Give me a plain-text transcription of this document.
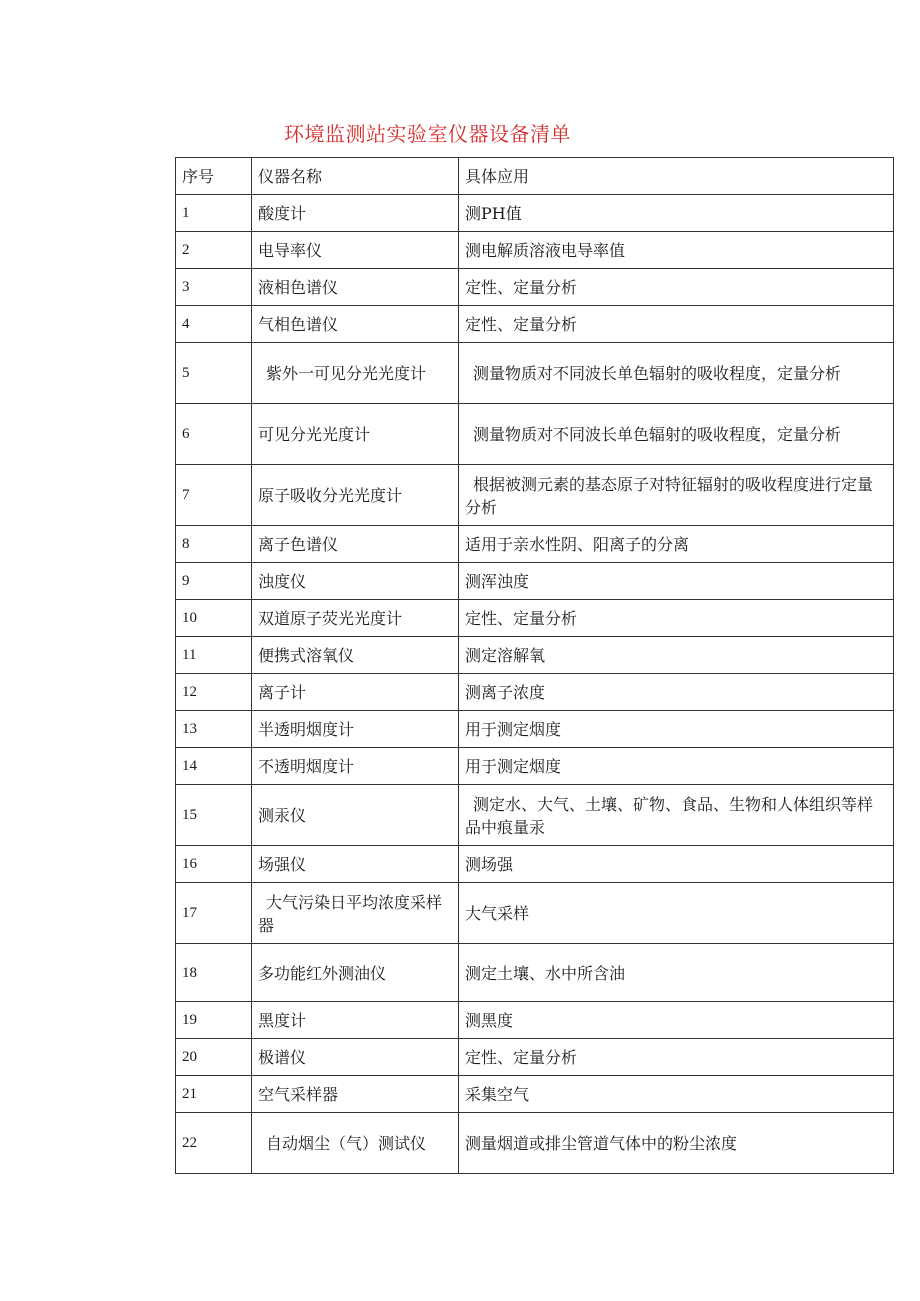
环境监测站实验室仪器设备清单
序号	仪器名称	具体应用
1	酸度计	测PH值
2	电导率仪	测电解质溶液电导率值
3	液相色谱仪	定性、定量分析
4	气相色谱仪	定性、定量分析
5	紫外一可见分光光度计	测量物质对不同波长单色辐射的吸收程度，定量分析
6	可见分光光度计	测量物质对不同波长单色辐射的吸收程度，定量分析
7	原子吸收分光光度计	根据被测元素的基态原子对特征辐射的吸收程度进行定量分析
8	离子色谱仪	适用于亲水性阴、阳离子的分离
9	浊度仪	测浑浊度
10	双道原子荧光光度计	定性、定量分析
11	便携式溶氧仪	测定溶解氧
12	离子计	测离子浓度
13	半透明烟度计	用于测定烟度
14	不透明烟度计	用于测定烟度
15	测汞仪	测定水、大气、土壤、矿物、食品、生物和人体组织等样品中痕量汞
16	场强仪	测场强
17	大气污染日平均浓度采样器	大气采样
18	多功能红外测油仪	测定土壤、水中所含油
19	黑度计	测黑度
20	极谱仪	定性、定量分析
21	空气采样器	采集空气
22	自动烟尘（气）测试仪	测量烟道或排尘管道气体中的粉尘浓度
